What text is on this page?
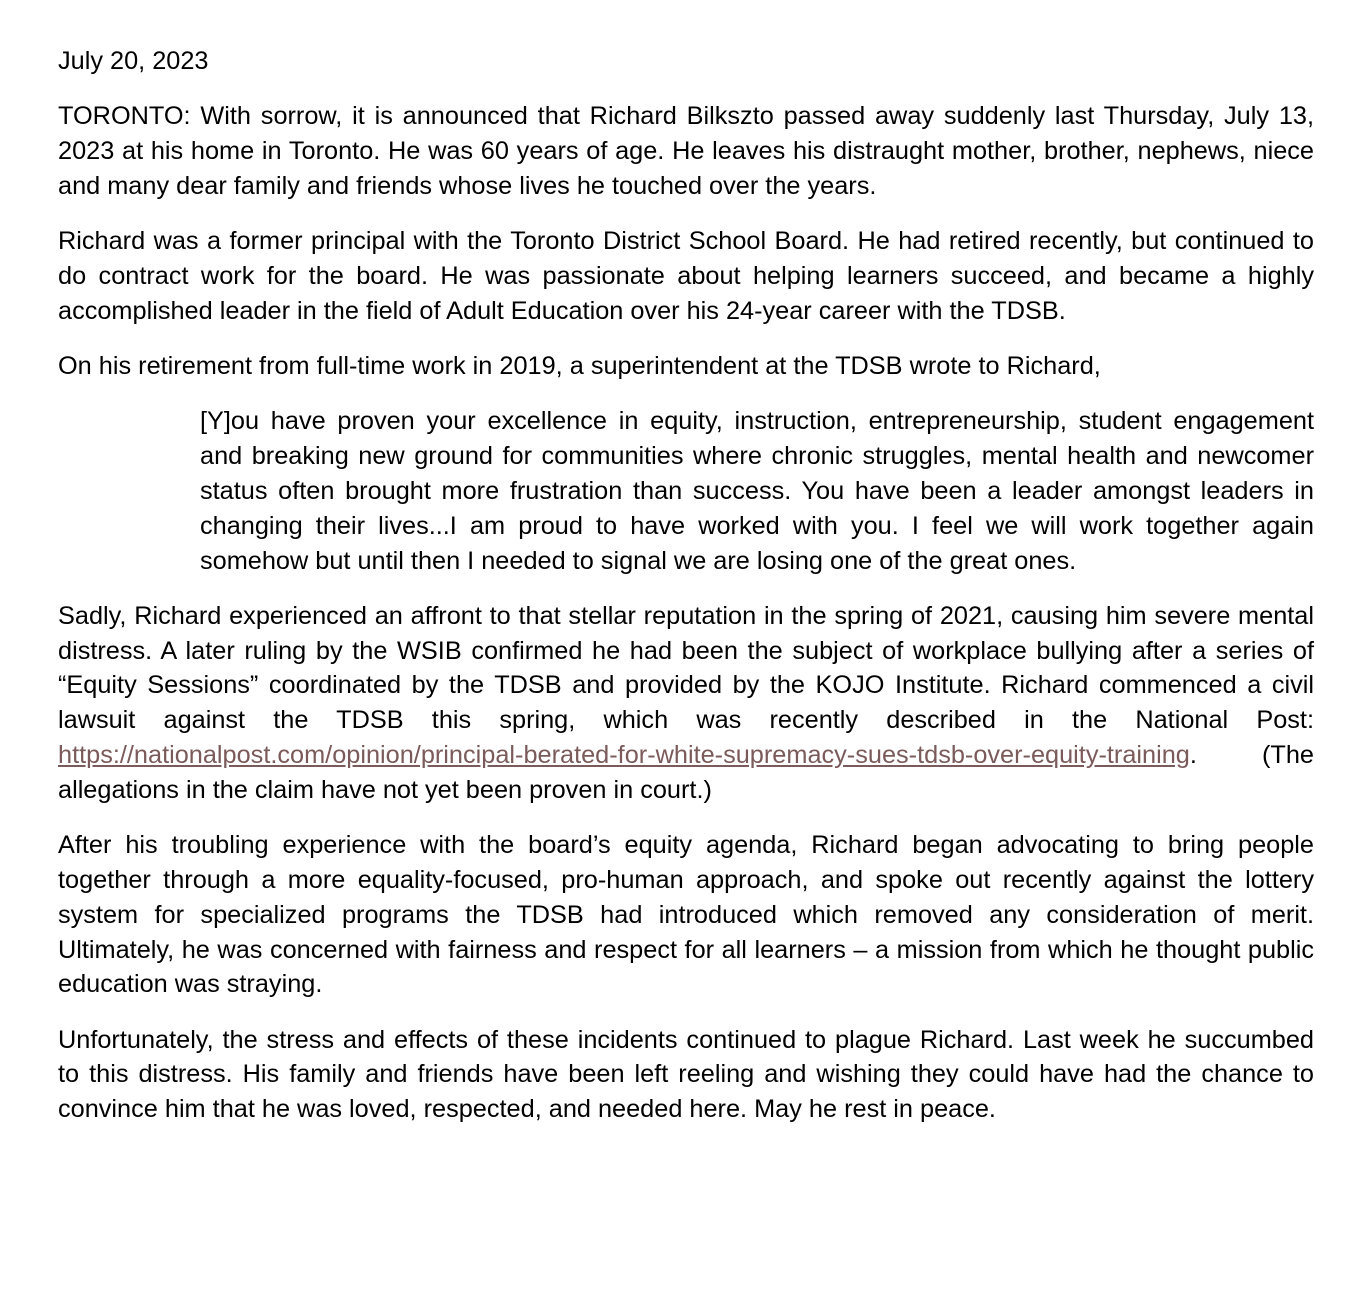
July 20, 2023

TORONTO: With sorrow, it is announced that Richard Bilkszto passed away suddenly last Thursday, July 13, 2023 at his home in Toronto. He was 60 years of age. He leaves his distraught mother, brother, nephews, niece and many dear family and friends whose lives he touched over the years.

Richard was a former principal with the Toronto District School Board. He had retired recently, but continued to do contract work for the board. He was passionate about helping learners succeed, and became a highly accomplished leader in the field of Adult Education over his 24-year career with the TDSB.

On his retirement from full-time work in 2019, a superintendent at the TDSB wrote to Richard,

[Y]ou have proven your excellence in equity, instruction, entrepreneurship, student engagement and breaking new ground for communities where chronic struggles, mental health and newcomer status often brought more frustration than success. You have been a leader amongst leaders in changing their lives...I am proud to have worked with you. I feel we will work together again somehow but until then I needed to signal we are losing one of the great ones.

Sadly, Richard experienced an affront to that stellar reputation in the spring of 2021, causing him severe mental distress. A later ruling by the WSIB confirmed he had been the subject of workplace bullying after a series of “Equity Sessions” coordinated by the TDSB and provided by the KOJO Institute. Richard commenced a civil lawsuit against the TDSB this spring, which was recently described in the National Post: https://nationalpost.com/opinion/principal-berated-for-white-supremacy-sues-tdsb-over-equity-training. (The allegations in the claim have not yet been proven in court.)

After his troubling experience with the board’s equity agenda, Richard began advocating to bring people together through a more equality-focused, pro-human approach, and spoke out recently against the lottery system for specialized programs the TDSB had introduced which removed any consideration of merit. Ultimately, he was concerned with fairness and respect for all learners – a mission from which he thought public education was straying.

Unfortunately, the stress and effects of these incidents continued to plague Richard. Last week he succumbed to this distress. His family and friends have been left reeling and wishing they could have had the chance to convince him that he was loved, respected, and needed here. May he rest in peace.
